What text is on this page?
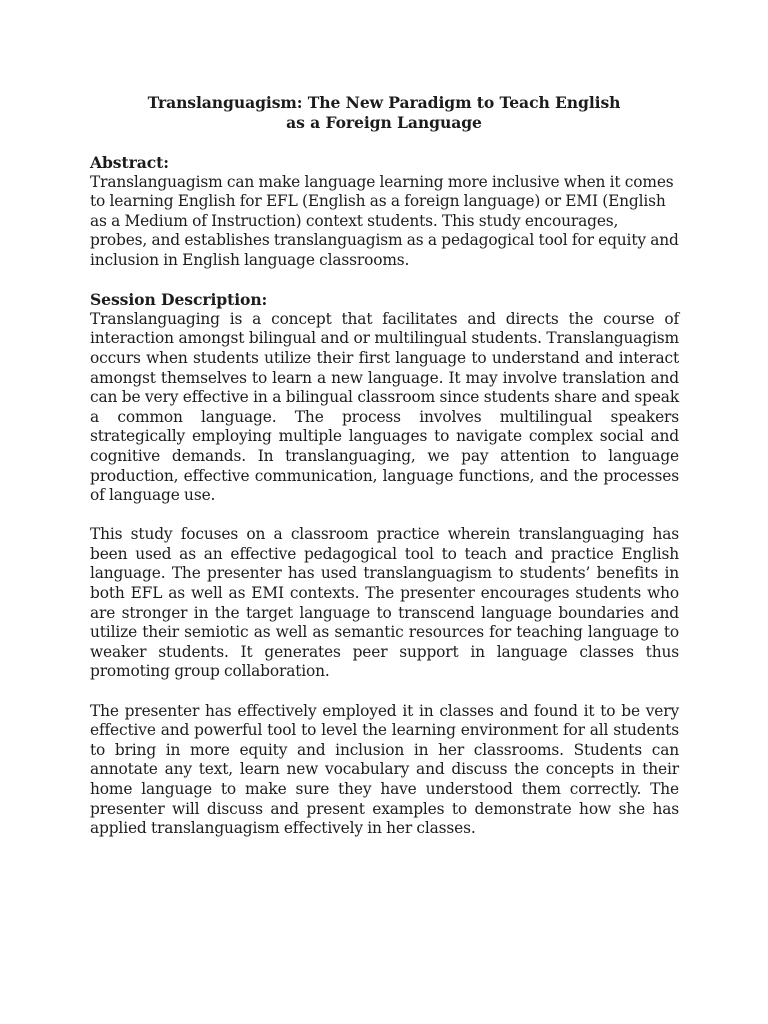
Translanguagism: The New Paradigm to Teach English
as a Foreign Language

Abstract:

Translanguagism can make language learning more inclusive when it comes to learning English for EFL (English as a foreign language) or EMI (English as a Medium of Instruction) context students. This study encourages, probes, and establishes translanguagism as a pedagogical tool for equity and inclusion in English language classrooms.

Session Description:

Translanguaging is a concept that facilitates and directs the course of interaction amongst bilingual and or multilingual students. Translanguagism occurs when students utilize their first language to understand and interact amongst themselves to learn a new language. It may involve translation and can be very effective in a bilingual classroom since students share and speak a common language. The process involves multilingual speakers strategically employing multiple languages to navigate complex social and cognitive demands. In translanguaging, we pay attention to language production, effective communication, language functions, and the processes of language use.

This study focuses on a classroom practice wherein translanguaging has been used as an effective pedagogical tool to teach and practice English language. The presenter has used translanguagism to students’ benefits in both EFL as well as EMI contexts. The presenter encourages students who are stronger in the target language to transcend language boundaries and utilize their semiotic as well as semantic resources for teaching language to weaker students. It generates peer support in language classes thus promoting group collaboration.

The presenter has effectively employed it in classes and found it to be very effective and powerful tool to level the learning environment for all students to bring in more equity and inclusion in her classrooms. Students can annotate any text, learn new vocabulary and discuss the concepts in their home language to make sure they have understood them correctly. The presenter will discuss and present examples to demonstrate how she has applied translanguagism effectively in her classes.
